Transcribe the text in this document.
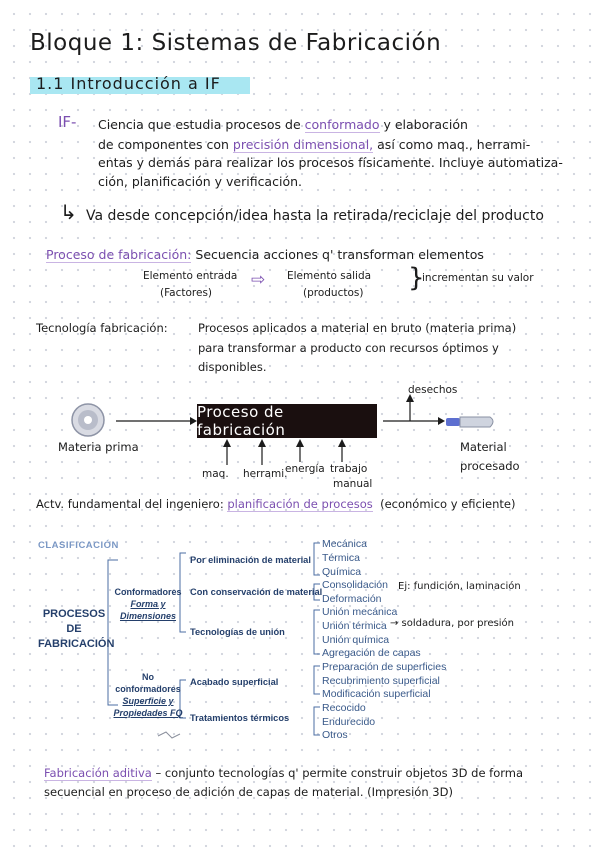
Bloque 1: Sistemas de Fabricación
1.1 Introducción a IF
IF- Ciencia que estudia procesos de conformado y elaboración
de componentes con precisión dimensional, así como maq., herrami-
entas y demás para realizar los procesos físicamente. Incluye automatiza-
ción, planificación y verificación.
↳ Va desde concepción/idea hasta la retirada/reciclaje del producto
Proceso de fabricación: Secuencia acciones q' transforman elementos
Elemento entrada
(Factores)
⇨ Elemento salida
(productos) }
incrementan su valor
Tecnología fabricación:	Procesos aplicados a material en bruto (materia prima)
para transformar a producto con recursos óptimos y
disponibles.
Proceso de fabricación
Materia prima	Material
procesado
desechos
maq. herrami.
energía trabajo
manual
Actv. fundamental del ingeniero: planificación de procesos (económico y eficiente)
CLASIFICACIÓN
PROCESOS
DE
FABRICACIÓN
Conformadores
Forma y
Dimensiones
No
conformadores
Superficie y
Propiedades FQ
Por eliminación de material
Con conservación de material
Tecnologías de unión
Acabado superficial
Tratamientos térmicos
Mecánica
Térmica
Química
Consolidación
Deformación
Unión mecánica
Unión térmica
Unión química
Agregación de capas
Preparación de superficies
Recubrimiento superficial
Modificación superficial
Recocido
Endurecido
Otros
Ej: fundición, laminación
→ soldadura, por presión
Fabricación aditiva – conjunto tecnologías q' permite construir objetos 3D de forma
secuencial en proceso de adición de capas de material. (Impresión 3D)
